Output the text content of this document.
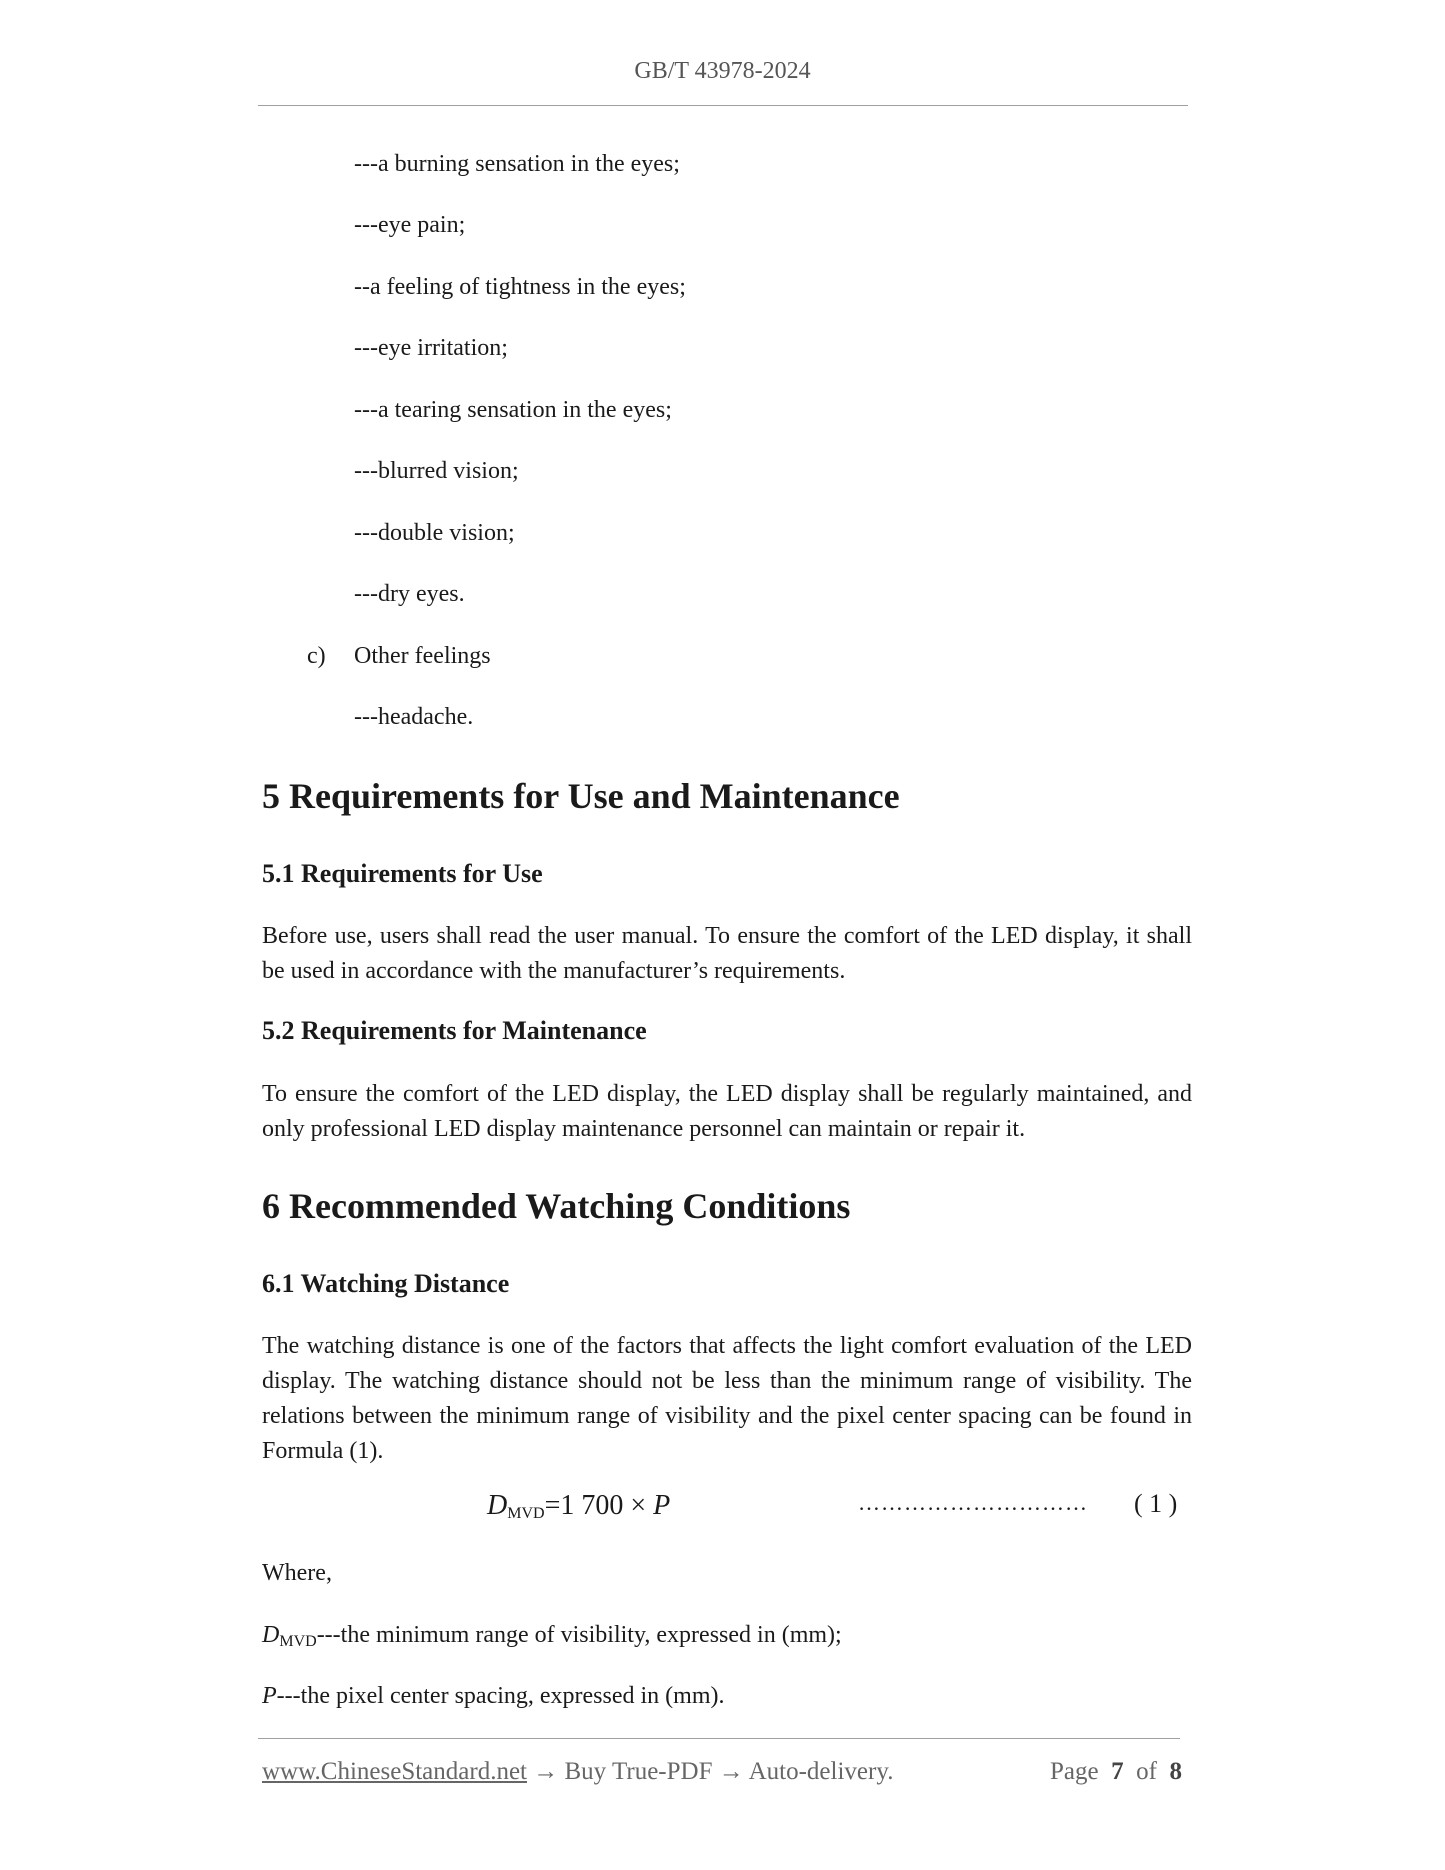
GB/T 43978-2024
---a burning sensation in the eyes;
---eye pain;
--a feeling of tightness in the eyes;
---eye irritation;
---a tearing sensation in the eyes;
---blurred vision;
---double vision;
---dry eyes.
c) Other feelings
---headache.
5 Requirements for Use and Maintenance
5.1 Requirements for Use
Before use, users shall read the user manual. To ensure the comfort of the LED display, it shall be used in accordance with the manufacturer’s requirements.
5.2 Requirements for Maintenance
To ensure the comfort of the LED display, the LED display shall be regularly maintained, and only professional LED display maintenance personnel can maintain or repair it.
6 Recommended Watching Conditions
6.1 Watching Distance
The watching distance is one of the factors that affects the light comfort evaluation of the LED display. The watching distance should not be less than the minimum range of visibility. The relations between the minimum range of visibility and the pixel center spacing can be found in Formula (1).
$D_{MVD}=1$ 700 × P	………………………… ( 1 )
Where,
$D_{MVD}--$-the minimum range of visibility, expressed in (mm);
P---the pixel center spacing, expressed in (mm).
www.ChineseStandard.net → Buy True-PDF → Auto-delivery.	Page 7 of 8
